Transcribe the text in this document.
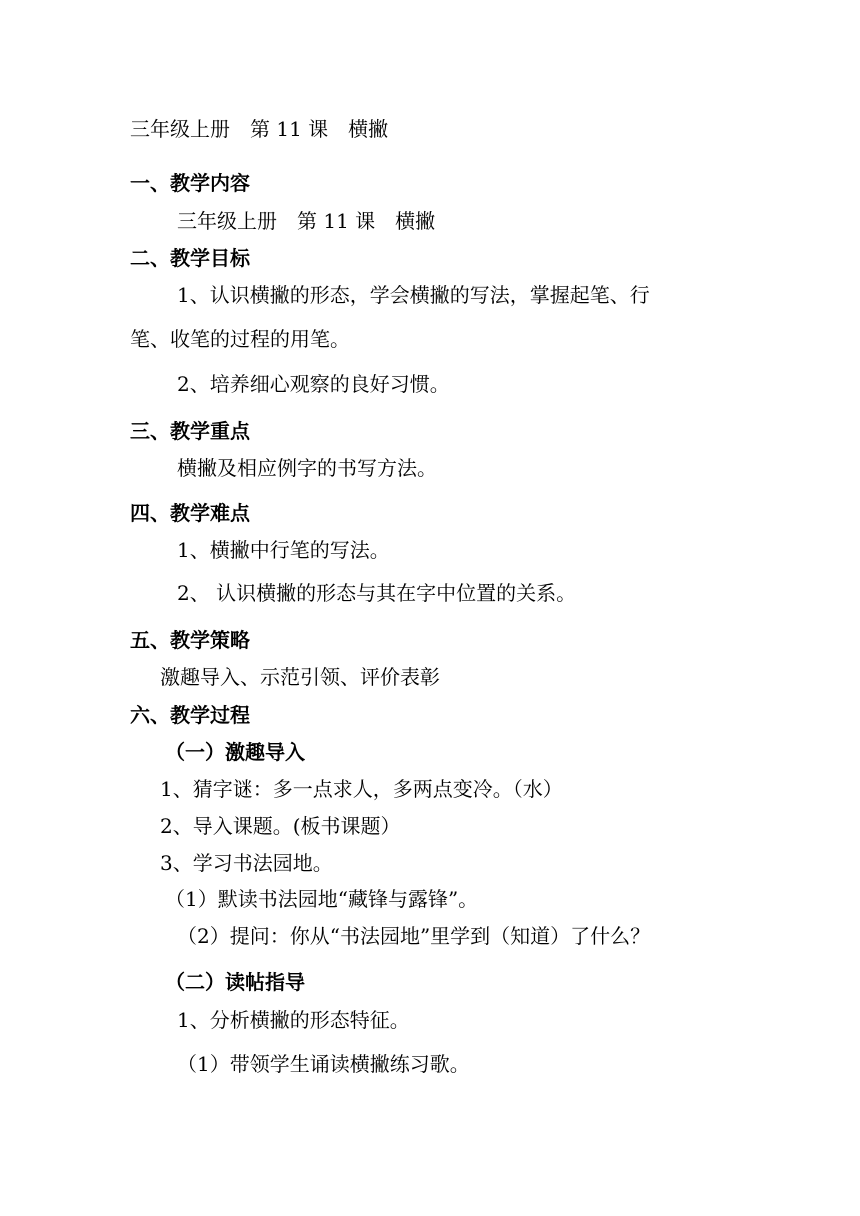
三年级上册　第 11 课　横撇
一、教学内容
三年级上册　第 11 课　横撇
二、教学目标
1、认识横撇的形态，学会横撇的写法，掌握起笔、行
笔、收笔的过程的用笔。
2、培养细心观察的良好习惯。
三、教学重点
横撇及相应例字的书写方法。
四、教学难点
1、横撇中行笔的写法。
2、 认识横撇的形态与其在字中位置的关系。
五、教学策略
激趣导入、示范引领、评价表彰
六、教学过程
（一）激趣导入
1、猜字谜：多一点求人，多两点变冷。（水）
2、导入课题。(板书课题）
3、学习书法园地。
（1）默读书法园地“藏锋与露锋”。
（2）提问：你从“书法园地”里学到（知道）了什么？
（二）读帖指导
1、分析横撇的形态特征。
（1）带领学生诵读横撇练习歌。
